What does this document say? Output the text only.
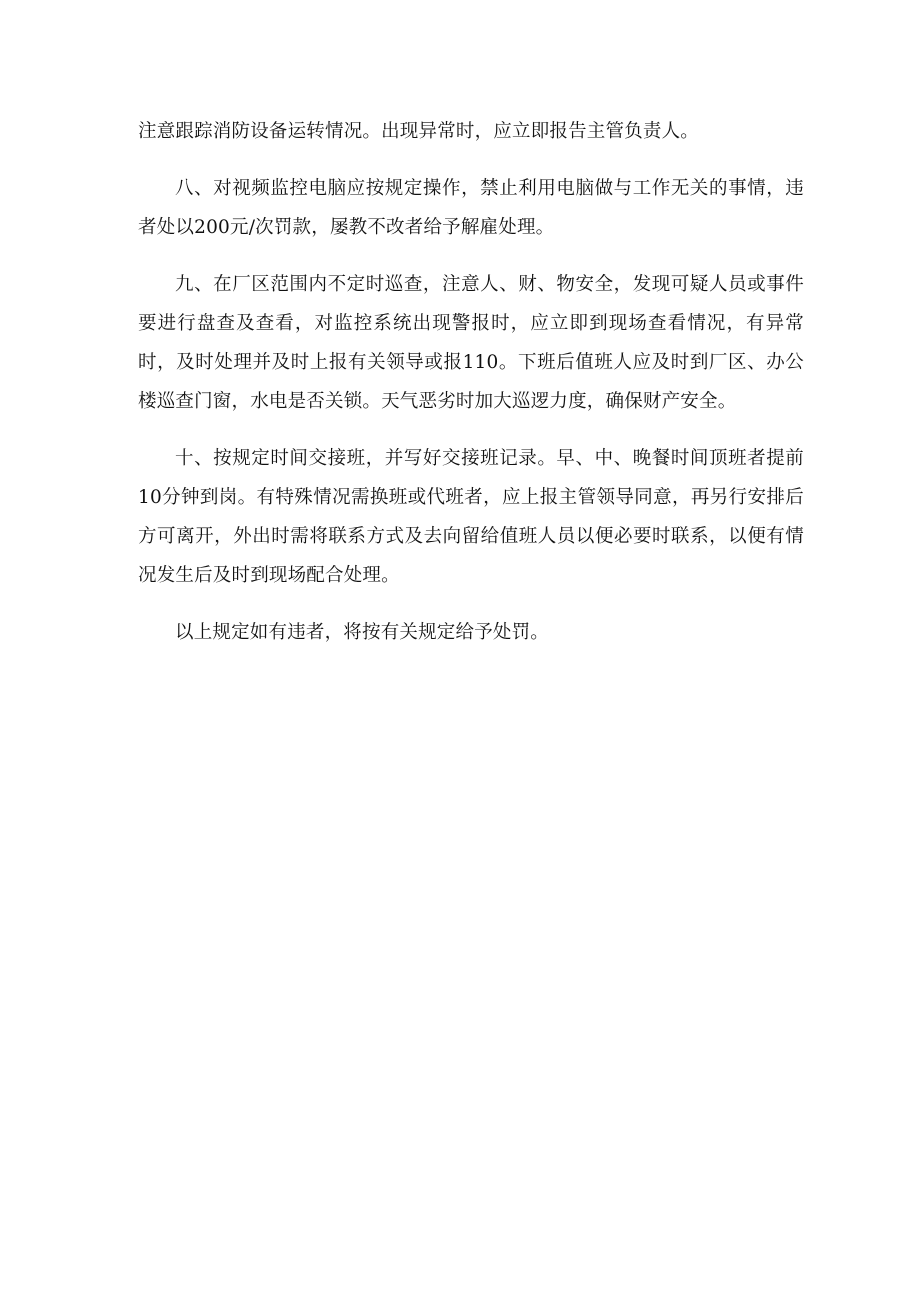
注意跟踪消防设备运转情况。出现异常时，应立即报告主管负责人。

八、对视频监控电脑应按规定操作，禁止利用电脑做与工作无关的事情，违者处以200元/次罚款，屡教不改者给予解雇处理。

九、在厂区范围内不定时巡查，注意人、财、物安全，发现可疑人员或事件要进行盘查及查看，对监控系统出现警报时，应立即到现场查看情况，有异常时，及时处理并及时上报有关领导或报110。下班后值班人应及时到厂区、办公楼巡查门窗，水电是否关锁。天气恶劣时加大巡逻力度，确保财产安全。

十、按规定时间交接班，并写好交接班记录。早、中、晚餐时间顶班者提前10分钟到岗。有特殊情况需换班或代班者，应上报主管领导同意，再另行安排后方可离开，外出时需将联系方式及去向留给值班人员以便必要时联系，以便有情况发生后及时到现场配合处理。

以上规定如有违者，将按有关规定给予处罚。
